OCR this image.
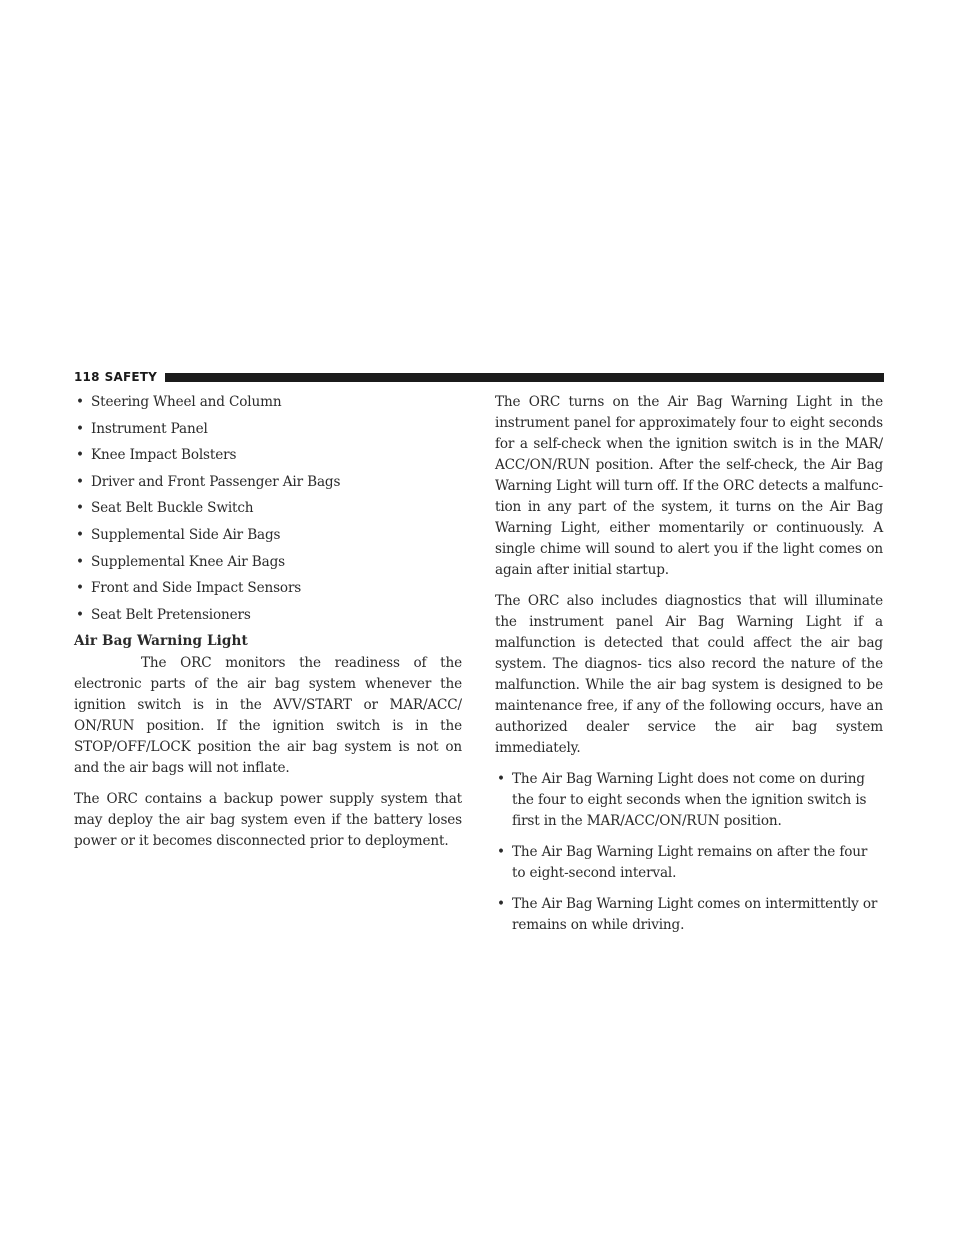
118 SAFETY
• Steering Wheel and Column
• Instrument Panel
• Knee Impact Bolsters
• Driver and Front Passenger Air Bags
• Seat Belt Buckle Switch
• Supplemental Side Air Bags
• Supplemental Knee Air Bags
• Front and Side Impact Sensors
• Seat Belt Pretensioners
Air Bag Warning Light

The ORC monitors the readiness of the electronic parts of the air bag system whenever the ignition switch is in the AVV/START or MAR/ACC/ ON/RUN position. If the ignition switch is in the STOP/OFF/LOCK position the air bag system is not on and the air bags will not inflate.

The ORC contains a backup power supply system that may deploy the air bag system even if the battery loses power or it becomes disconnected prior to deployment.

The ORC turns on the Air Bag Warning Light in the instrument panel for approximately four to eight seconds for a self-check when the ignition switch is in the MAR/ ACC/ON/RUN position. After the self-check, the Air Bag Warning Light will turn off. If the ORC detects a malfunc- tion in any part of the system, it turns on the Air Bag Warning Light, either momentarily or continuously. A single chime will sound to alert you if the light comes on again after initial startup.

The ORC also includes diagnostics that will illuminate the instrument panel Air Bag Warning Light if a malfunction is detected that could affect the air bag system. The diagnos- tics also record the nature of the malfunction. While the air bag system is designed to be maintenance free, if any of the following occurs, have an authorized dealer service the air bag system immediately.

• The Air Bag Warning Light does not come on during the four to eight seconds when the ignition switch is first in the MAR/ACC/ON/RUN position.
• The Air Bag Warning Light remains on after the four to eight-second interval.
• The Air Bag Warning Light comes on intermittently or remains on while driving.
